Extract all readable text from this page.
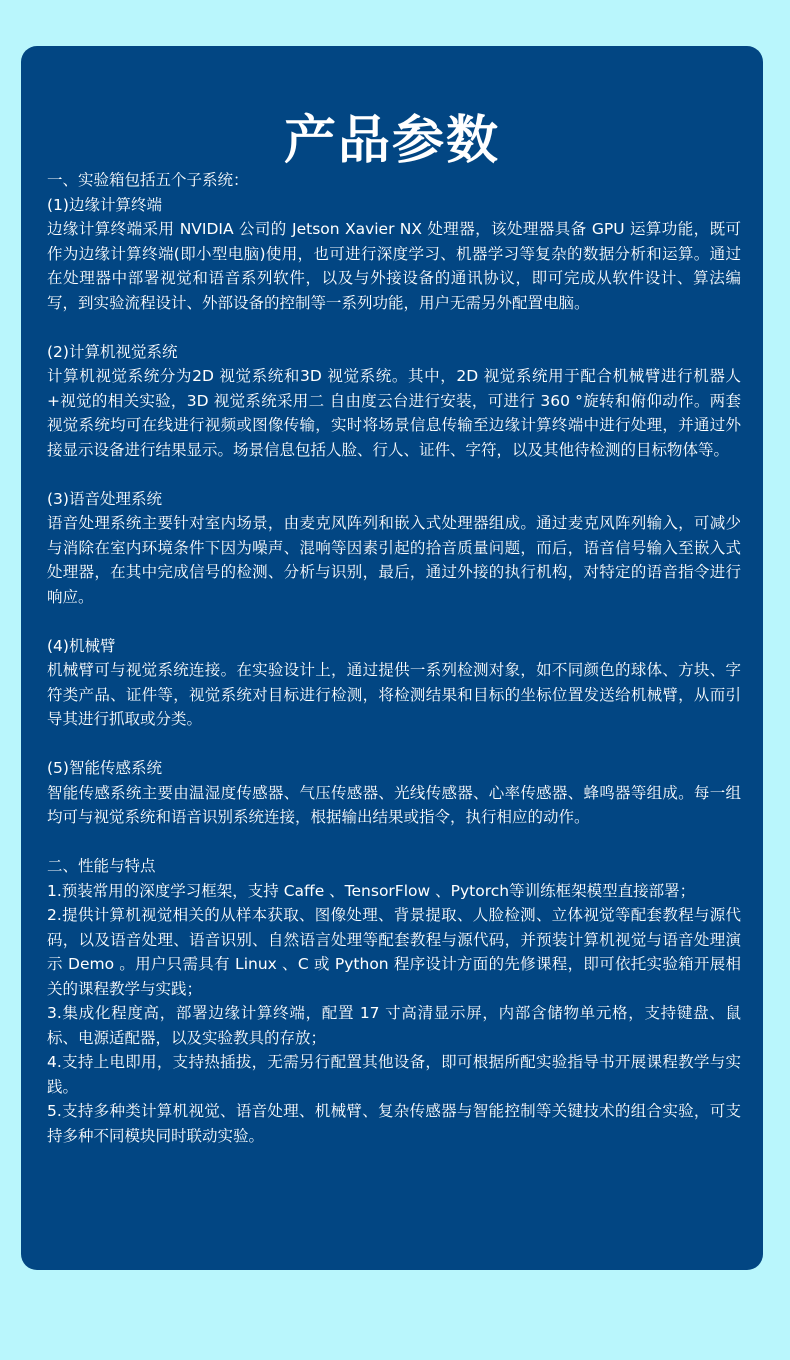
产品参数

一、实验箱包括五个子系统：

(1)边缘计算终端

边缘计算终端采用 NVIDIA 公司的 Jetson Xavier NX 处理器，该处理器具备 GPU 运算功能，既可作为边缘计算终端(即小型电脑)使用，也可进行深度学习、机器学习等复杂的数据分析和运算。通过在处理器中部署视觉和语音系列软件，以及与外接设备的通讯协议，即可完成从软件设计、算法编写，到实验流程设计、外部设备的控制等一系列功能，用户无需另外配置电脑。

(2)计算机视觉系统

计算机视觉系统分为2D 视觉系统和3D 视觉系统。其中，2D 视觉系统用于配合机械臂进行机器人+视觉的相关实验，3D 视觉系统采用二 自由度云台进行安装，可进行 360 °旋转和俯仰动作。两套视觉系统均可在线进行视频或图像传输，实时将场景信息传输至边缘计算终端中进行处理，并通过外接显示设备进行结果显示。场景信息包括人脸、行人、证件、字符，以及其他待检测的目标物体等。

(3)语音处理系统

语音处理系统主要针对室内场景，由麦克风阵列和嵌入式处理器组成。通过麦克风阵列输入，可减少与消除在室内环境条件下因为噪声、混响等因素引起的拾音质量问题，而后，语音信号输入至嵌入式处理器，在其中完成信号的检测、分析与识别，最后，通过外接的执行机构，对特定的语音指令进行响应。

(4)机械臂

机械臂可与视觉系统连接。在实验设计上，通过提供一系列检测对象，如不同颜色的球体、方块、字符类产品、证件等，视觉系统对目标进行检测，将检测结果和目标的坐标位置发送给机械臂，从而引导其进行抓取或分类。

(5)智能传感系统

智能传感系统主要由温湿度传感器、气压传感器、光线传感器、心率传感器、蜂鸣器等组成。每一组均可与视觉系统和语音识别系统连接，根据输出结果或指令，执行相应的动作。

二、性能与特点

1.预装常用的深度学习框架，支持 Caffe 、TensorFlow 、Pytorch等训练框架模型直接部署；

2.提供计算机视觉相关的从样本获取、图像处理、背景提取、人脸检测、立体视觉等配套教程与源代码，以及语音处理、语音识别、自然语言处理等配套教程与源代码，并预装计算机视觉与语音处理演示 Demo 。用户只需具有 Linux 、C 或 Python 程序设计方面的先修课程，即可依托实验箱开展相关的课程教学与实践；

3.集成化程度高，部署边缘计算终端，配置 17 寸高清显示屏，内部含储物单元格，支持键盘、鼠标、电源适配器，以及实验教具的存放；

4.支持上电即用，支持热插拔，无需另行配置其他设备，即可根据所配实验指导书开展课程教学与实践。

5.支持多种类计算机视觉、语音处理、机械臂、复杂传感器与智能控制等关键技术的组合实验，可支持多种不同模块同时联动实验。
